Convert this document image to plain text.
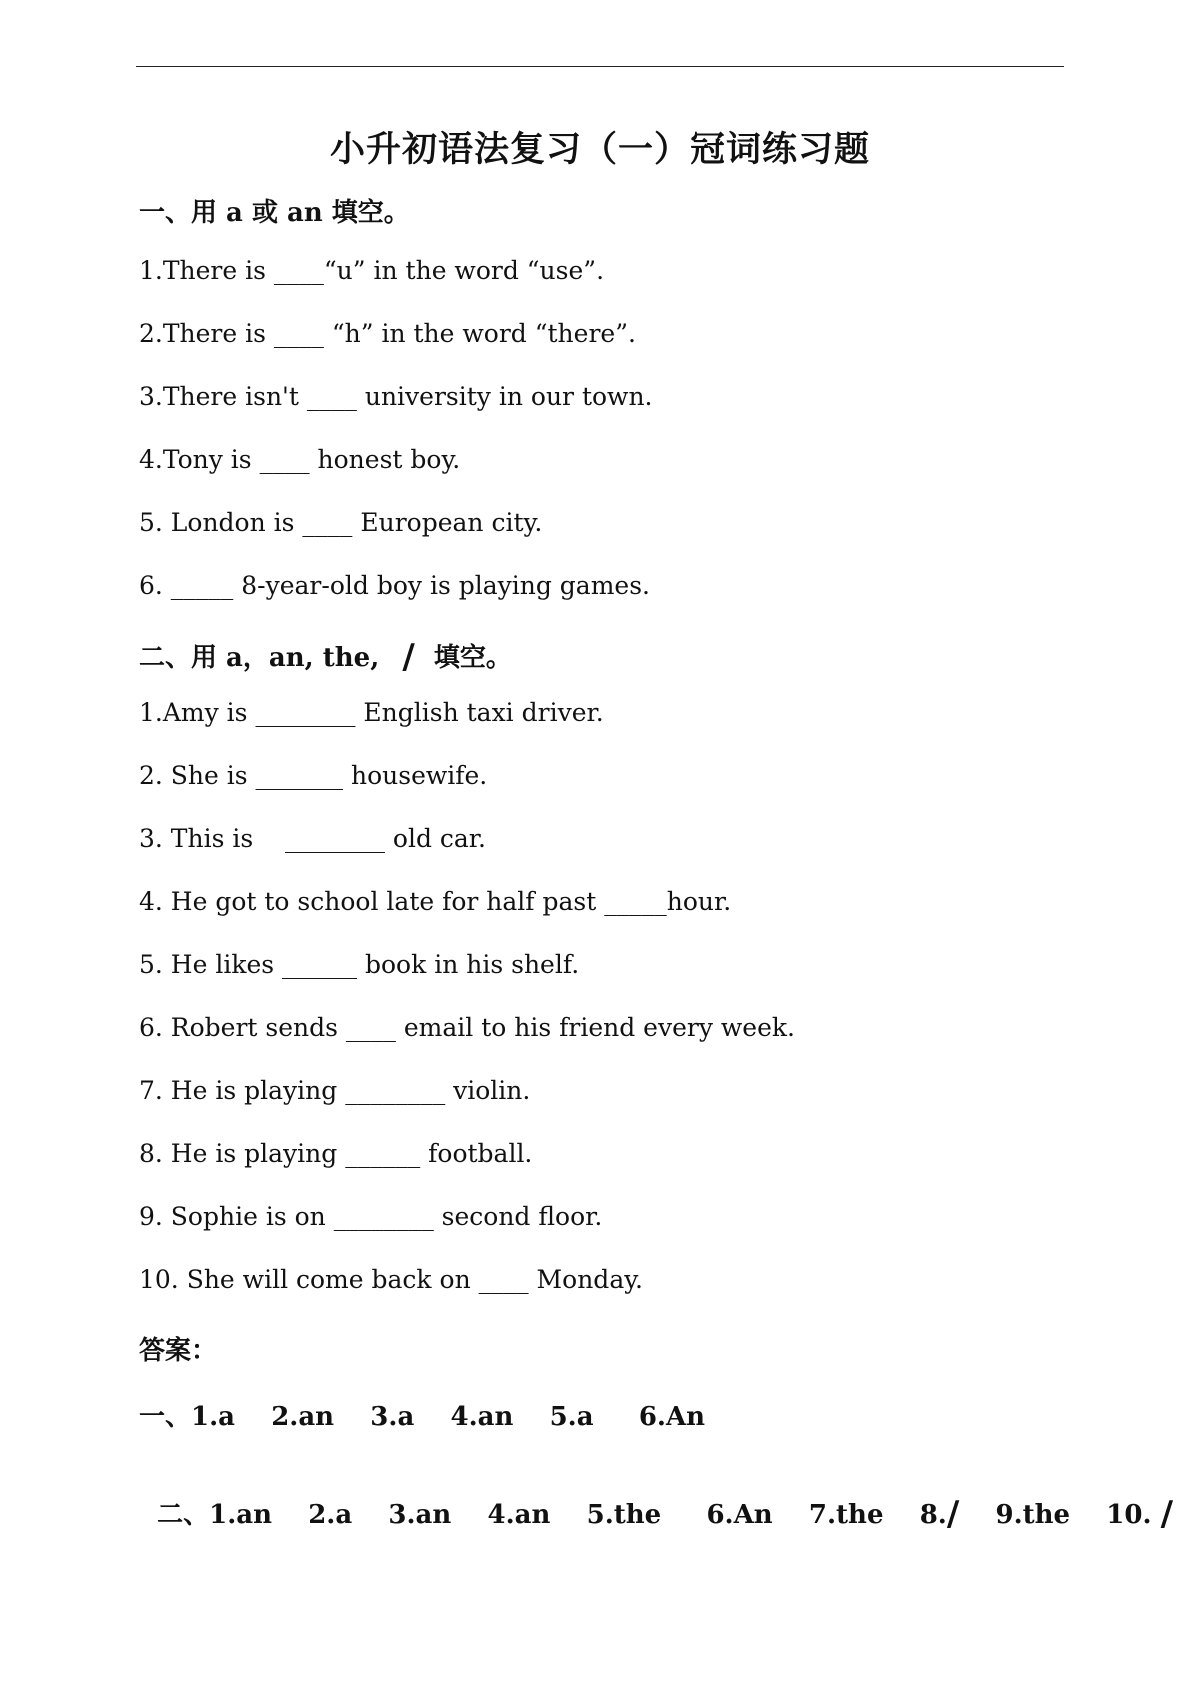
小升初语法复习（一）冠词练习题
一、用 a 或 an 填空。
1.There is ____“u” in the word “use”.
2.There is ____ “h” in the word “there”.
3.There isn't ____ university in our town.
4.Tony is ____ honest boy.
5. London is ____ European city.
6. _____ 8-year-old boy is playing games.
二、用 a，an, the, / 填空。
1.Amy is ________ English taxi driver.
2. She is _______ housewife.
3. This is    ________ old car.
4. He got to school late for half past _____hour.
5. He likes ______ book in his shelf.
6. Robert sends ____ email to his friend every week.
7. He is playing ________ violin.
8. He is playing ______ football.
9. Sophie is on ________ second floor.
10. She will come back on ____ Monday.
答案：
一、1.a    2.an    3.a    4.an    5.a     6.An

二、1.an    2.a    3.an    4.an    5.the     6.An    7.the    8./    9.the    10. /
